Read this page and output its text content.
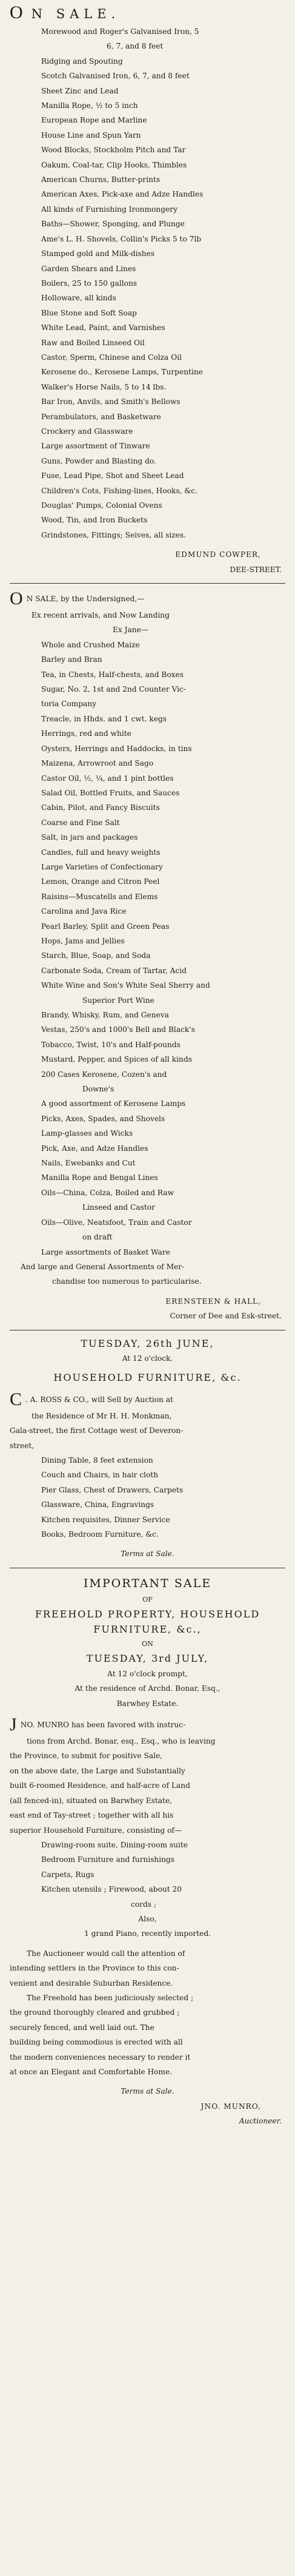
O N SALE.
Morewood and Roger's Galvanised Iron, 5
6, 7, and 8 feet
Ridging and Spouting
Scotch Galvanised Iron, 6, 7, and 8 feet
Sheet Zinc and Lead
Manilla Rope, ½ to 5 inch
European Rope and Marline
House Line and Spun Yarn
Wood Blocks, Stockholm Pitch and Tar
Oakum, Coal-tar, Clip Hooks, Thimbles
American Churns, Butter-prints
American Axes, Pick-axe and Adze Handles
All kinds of Furnishing Ironmongery
Baths—Shower, Sponging, and Plunge
Ame's L. H. Shovels, Collin's Picks 5 to 7lb
Stamped gold and Milk-dishes
Garden Shears and Lines
Boilers, 25 to 150 gallons
Holloware, all kinds
Blue Stone and Soft Soap
White Lead, Paint, and Varnishes
Raw and Boiled Linseed Oil
Castor, Sperm, Chinese and Colza Oil
Kerosene do., Kerosene Lamps, Turpentine
Walker's Horse Nails, 5 to 14 lbs.
Bar Iron, Anvils, and Smith's Bellows
Perambulators, and Basketware
Crockery and Glassware
Large assortment of Tinware
Guns, Powder and Blasting do.
Fuse, Lead Pipe, Shot and Sheet Lead
Children's Cots, Fishing-lines, Hooks, &c.
Douglas' Pumps, Colonial Ovens
Wood, Tin, and Iron Buckets
Grindstones, Fittings; Seives, all sizes.
EDMUND COWPER,
DEE-STREET.
O N SALE, by the Undersigned,—
Ex recent arrivals, and Now Landing
Ex Jane—
Whole and Crushed Maize
Barley and Bran
Tea, in Chests, Half-chests, and Boxes
Sugar, No. 2, 1st and 2nd Counter Vic-
toria Company
Treacle, in Hhds. and 1 cwt. kegs
Herrings, red and white
Oysters, Herrings and Haddocks, in tins
Maizena, Arrowroot and Sago
Castor Oil, ½, ¼, and 1 pint bottles
Salad Oil, Bottled Fruits, and Sauces
Cabin, Pilot, and Fancy Biscuits
Coarse and Fine Salt
Salt, in jars and packages
Candles, full and heavy weights
Large Varieties of Confectionary
Lemon, Orange and Citron Peel
Raisins—Muscatells and Elems
Carolina and Java Rice
Pearl Barley, Split and Green Peas
Hops, Jams and Jellies
Starch, Blue, Soap, and Soda
Carbonate Soda, Cream of Tartar, Acid
White Wine and Son's White Seal Sherry and
Superior Port Wine
Brandy, Whisky, Rum, and Geneva
Vestas, 250's and 1000's Bell and Black's
Tobacco, Twist, 10's and Half-pounds
Mustard, Pepper, and Spices of all kinds
200 Cases Kerosene, Cozen's and
Downe's
A good assortment of Kerosene Lamps
Picks, Axes, Spades, and Shovels
Lamp-glasses and Wicks
Pick, Axe, and Adze Handles
Nails, Ewebanks and Cut
Manilla Rope and Bengal Lines
Oils—China, Colza, Boiled and Raw
Linseed and Castor
Oils—Olive, Neatsfoot, Train and Castor
on draft
Large assortments of Basket Ware
And large and General Assortments of Mer-
chandise too numerous to particularise.
ERENSTEEN & HALL,
Corner of Dee and Esk-street.
TUESDAY, 26th JUNE,
At 12 o'clock.
HOUSEHOLD FURNITURE, &c.
C . A. ROSS & CO., will Sell by Auction at
the Residence of Mr H. H. Monkman,
Gala-street, the first Cottage west of Deveron-
street,
Dining Table, 8 feet extension
Couch and Chairs, in hair cloth
Pier Glass, Chest of Drawers, Carpets
Glassware, China, Engravings
Kitchen requisites, Dinner Service
Books, Bedroom Furniture, &c.
Terms at Sale.
IMPORTANT SALE
OF
FREEHOLD PROPERTY, HOUSEHOLD
FURNITURE, &c.,
ON
TUESDAY, 3rd JULY,
At 12 o'clock prompt,
At the residence of Archd. Bonar, Esq.,
Barwhey Estate.
J NO. MUNRO has been favored with instruc-
tions from Archd. Bonar, esq., Esq., who is leaving
the Province, to submit for positive Sale,
on the above date, the Large and Substantially
built 6-roomed Residence, and half-acre of Land
(all fenced-in), situated on Barwhey Estate,
east end of Tay-street ; together with all his
superior Household Furniture, consisting of—
Drawing-room suite, Dining-room suite
Bedroom Furniture and furnishings
Carpets, Rugs
Kitchen utensils ; Firewood, about 20
cords ;
Also,
1 grand Piano, recently imported.
The Auctioneer would call the attention of
intending settlers in the Province to this con-
venient and desirable Suburban Residence.
The Freehold has been judiciously selected ;
the ground thoroughly cleared and grubbed ;
securely fenced, and well laid out. The
building being commodious is erected with all
the modern conveniences necessary to render it
at once an Elegant and Comfortable Home.
Terms at Sale.
JNO. MUNRO,
Auctioneer.
